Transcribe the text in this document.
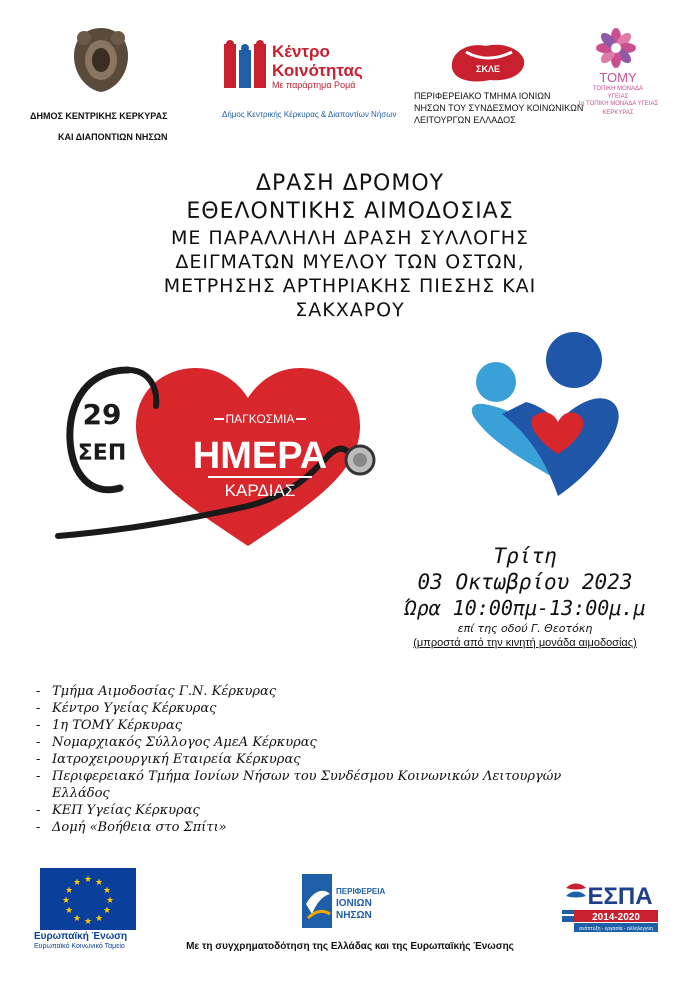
ΔΗΜΟΣ ΚΕΝΤΡΙΚΗΣ ΚΕΡΚΥΡΑΣ
ΚΑΙ ΔΙΑΠΟΝΤΙΩΝ ΝΗΣΩΝ
Κέντρο
Κοινότητας
Με παράρτημα Ρομά
Δήμος Κεντρικής Κέρκυρας & Διαποντίων Νήσων
ΣΚΛΕ
ΠΕΡΙΦΕΡΕΙΑΚΟ ΤΜΗΜΑ ΙΟΝΙΩΝ
ΝΗΣΩΝ ΤΟΥ ΣΥΝΔΕΣΜΟΥ ΚΟΙΝΩΝΙΚΩΝ
ΛΕΙΤΟΥΡΓΩΝ ΕΛΛΑΔΟΣ
ΤΟΜΥ
ΤΟΠΙΚΗ ΜΟΝΑΔΑ ΥΓΕΙΑΣ
1η ΤΟΠΙΚΗ ΜΟΝΑΔΑ ΥΓΕΙΑΣ
ΚΕΡΚΥΡΑΣ
ΔΡΑΣΗ ΔΡΟΜΟΥ
ΕΘΕΛΟΝΤΙΚΗΣ ΑΙΜΟΔΟΣΙΑΣ
ΜΕ ΠΑΡΑΛΛΗΛΗ ΔΡΑΣΗ ΣΥΛΛΟΓΗΣ
ΔΕΙΓΜΑΤΩΝ ΜΥΕΛΟΥ ΤΩΝ ΟΣΤΩΝ,
ΜΕΤΡΗΣΗΣ ΑΡΤΗΡΙΑΚΗΣ ΠΙΕΣΗΣ ΚΑΙ
ΣΑΚΧΑΡΟΥ
29
ΣΕΠ
ΠΑΓΚΟΣΜΙΑ
ΗΜΕΡΑ
ΚΑΡΔΙΑΣ
Τρίτη
03 Οκτωβρίου 2023
Ώρα 10:00πμ-13:00μ.μ
επί της οδού Γ. Θεοτόκη
(μπροστά από την κινητή μονάδα αιμοδοσίας)
- Τμήμα Αιμοδοσίας Γ.Ν. Κέρκυρας
- Κέντρο Υγείας Κέρκυρας
- 1η ΤΟΜΥ Κέρκυρας
- Νομαρχιακός Σύλλογος ΑμεΑ Κέρκυρας
- Ιατροχειρουργική Εταιρεία Κέρκυρας
- Περιφερειακό Τμήμα Ιονίων Νήσων του Συνδέσμου Κοινωνικών Λειτουργών Ελλάδος
- ΚΕΠ Υγείας Κέρκυρας
- Δομή «Βοήθεια στο Σπίτι»
★ ★
★
★
★
★
★
★
★
★
★
★
Ευρωπαϊκή Ένωση
Ευρωπαϊκό Κοινωνικό Ταμείο
ΠΕΡΙΦΕΡΕΙΑ
ΙΟΝΙΩΝ
ΝΗΣΩΝ
ΕΣΠΑ
2014-2020
ανάπτυξη - εργασία - αλληλεγγύη
Με τη συγχρηματοδότηση της Ελλάδας και της Ευρωπαϊκής Ένωσης
